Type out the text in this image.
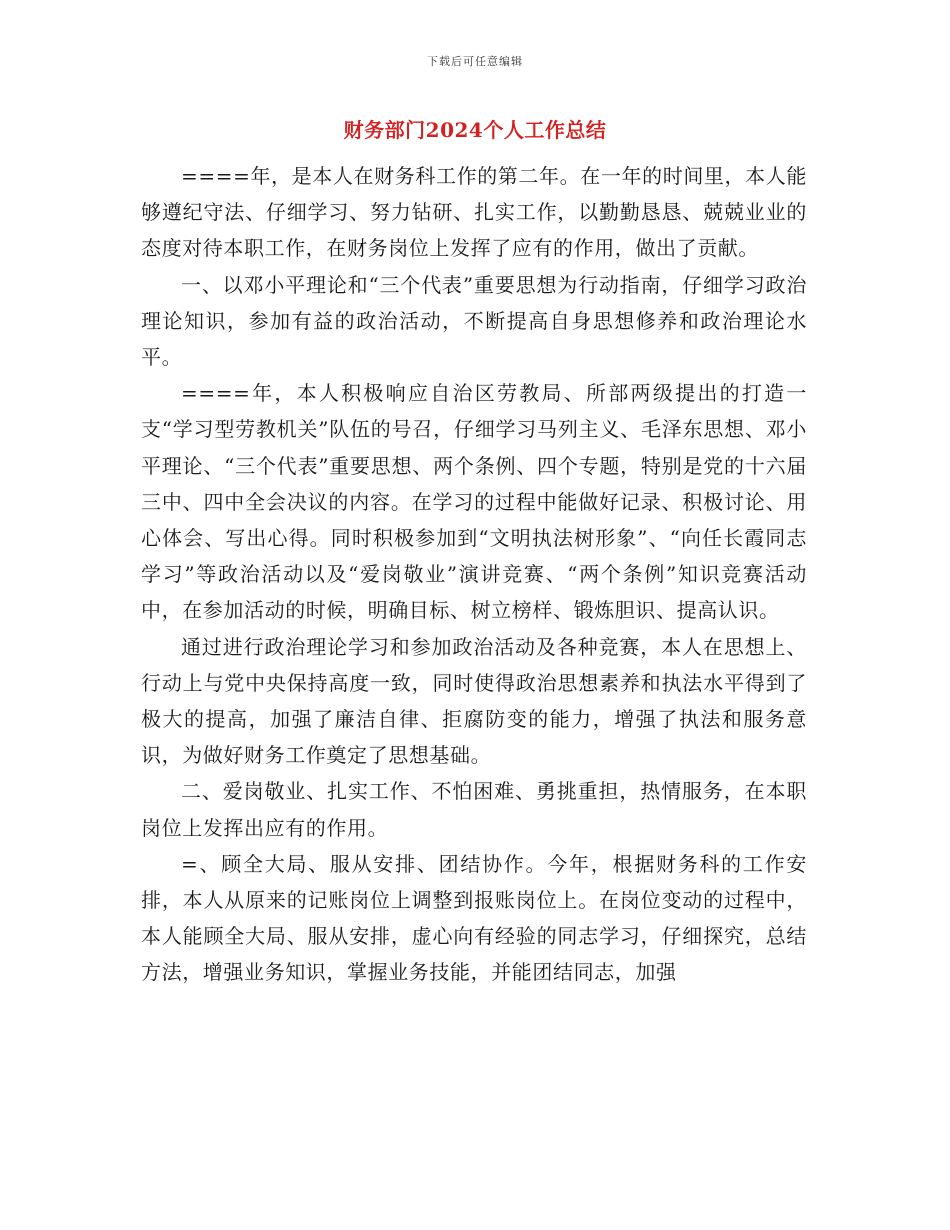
下载后可任意编辑
财务部门2024个人工作总结

====年，是本人在财务科工作的第二年。在一年的时间里，本人能够遵纪守法、仔细学习、努力钻研、扎实工作，以勤勤恳恳、兢兢业业的态度对待本职工作，在财务岗位上发挥了应有的作用，做出了贡献。

一、以邓小平理论和“三个代表”重要思想为行动指南，仔细学习政治理论知识，参加有益的政治活动，不断提高自身思想修养和政治理论水平。

====年，本人积极响应自治区劳教局、所部两级提出的打造一支“学习型劳教机关”队伍的号召，仔细学习马列主义、毛泽东思想、邓小平理论、“三个代表”重要思想、两个条例、四个专题，特别是党的十六届三中、四中全会决议的内容。在学习的过程中能做好记录、积极讨论、用心体会、写出心得。同时积极参加到“文明执法树形象”、“向任长霞同志学习”等政治活动以及“爱岗敬业”演讲竞赛、“两个条例”知识竞赛活动中，在参加活动的时候，明确目标、树立榜样、锻炼胆识、提高认识。

通过进行政治理论学习和参加政治活动及各种竞赛，本人在思想上、行动上与党中央保持高度一致，同时使得政治思想素养和执法水平得到了极大的提高，加强了廉洁自律、拒腐防变的能力，增强了执法和服务意识，为做好财务工作奠定了思想基础。

二、爱岗敬业、扎实工作、不怕困难、勇挑重担，热情服务，在本职岗位上发挥出应有的作用。

=、顾全大局、服从安排、团结协作。今年，根据财务科的工作安排，本人从原来的记账岗位上调整到报账岗位上。在岗位变动的过程中，本人能顾全大局、服从安排，虚心向有经验的同志学习，仔细探究，总结方法，增强业务知识，掌握业务技能，并能团结同志，加强
